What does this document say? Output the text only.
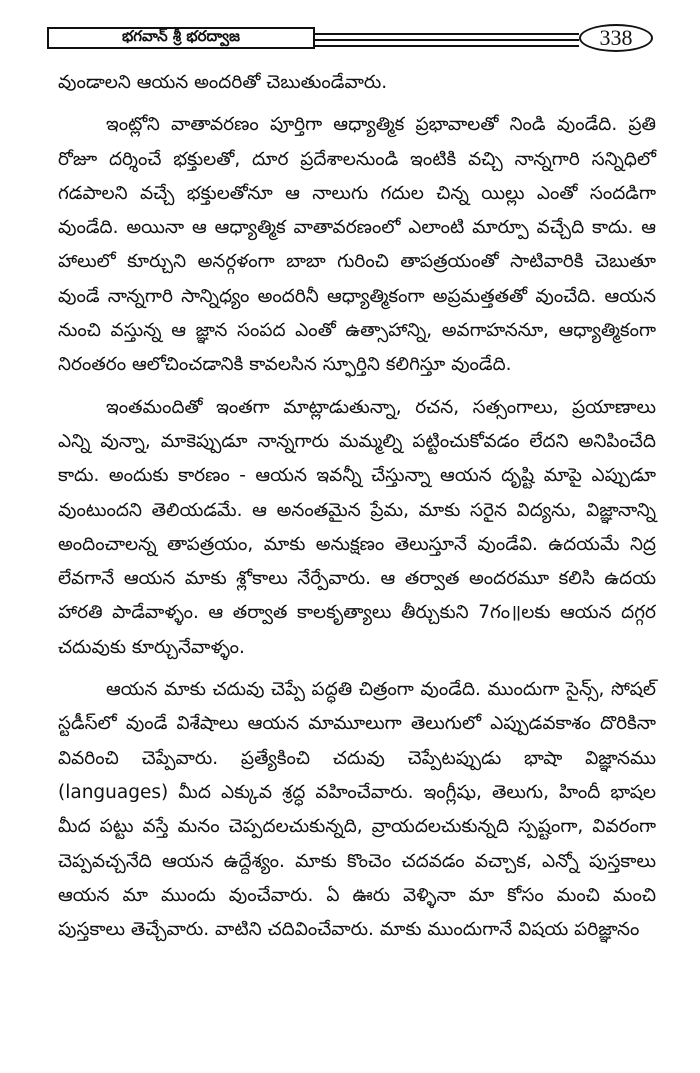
భగవాన్ శ్రీ భరద్వాజ	338

వుండాలని ఆయన అందరితో చెబుతుండేవారు.

ఇంట్లోని వాతావరణం పూర్తిగా ఆధ్యాత్మిక ప్రభావాలతో నిండి వుండేది. ప్రతి రోజూ దర్శించే భక్తులతో, దూర ప్రదేశాలనుండి ఇంటికి వచ్చి నాన్నగారి సన్నిధిలో గడపాలని వచ్చే భక్తులతోనూ ఆ నాలుగు గదుల చిన్న యిల్లు ఎంతో సందడిగా వుండేది. అయినా ఆ ఆధ్యాత్మిక వాతావరణంలో ఎలాంటి మార్పూ వచ్చేది కాదు. ఆ హాలులో కూర్చుని అనర్గళంగా బాబా గురించి తాపత్రయంతో సాటివారికి చెబుతూ వుండే నాన్నగారి సాన్నిధ్యం అందరినీ ఆధ్యాత్మికంగా అప్రమత్తతతో వుంచేది. ఆయన నుంచి వస్తున్న ఆ జ్ఞాన సంపద ఎంతో ఉత్సాహాన్ని, అవగాహననూ, ఆధ్యాత్మికంగా నిరంతరం ఆలోచించడానికి కావలసిన స్ఫూర్తిని కలిగిస్తూ వుండేది.

ఇంతమందితో ఇంతగా మాట్లాడుతున్నా, రచన, సత్సంగాలు, ప్రయాణాలు ఎన్ని వున్నా, మాకెప్పుడూ నాన్నగారు మమ్మల్ని పట్టించుకోవడం లేదని అనిపించేది కాదు. అందుకు కారణం - ఆయన ఇవన్నీ చేస్తున్నా ఆయన దృష్టి మాపై ఎప్పుడూ వుంటుందని తెలియడమే. ఆ అనంతమైన ప్రేమ, మాకు సరైన విద్యను, విజ్ఞానాన్ని అందించాలన్న తాపత్రయం, మాకు అనుక్షణం తెలుస్తూనే వుండేవి. ఉదయమే నిద్ర లేవగానే ఆయన మాకు శ్లోకాలు నేర్పేవారు. ఆ తర్వాత అందరమూ కలిసి ఉదయ హారతి పాడేవాళ్ళం. ఆ తర్వాత కాలకృత్యాలు తీర్చుకుని 7గం॥లకు ఆయన దగ్గర చదువుకు కూర్చునేవాళ్ళం.

ఆయన మాకు చదువు చెప్పే పద్ధతి చిత్రంగా వుండేది. ముందుగా సైన్స్, సోషల్ స్టడీస్‌లో వుండే విశేషాలు ఆయన మామూలుగా తెలుగులో ఎప్పుడవకాశం దొరికినా వివరించి చెప్పేవారు. ప్రత్యేకించి చదువు చెప్పేటప్పుడు భాషా విజ్ఞానము (languages) మీద ఎక్కువ శ్రద్ధ వహించేవారు. ఇంగ్లీషు, తెలుగు, హిందీ భాషల మీద పట్టు వస్తే మనం చెప్పదలచుకున్నది, వ్రాయదలచుకున్నది స్పష్టంగా, వివరంగా చెప్పవచ్చనేది ఆయన ఉద్దేశ్యం. మాకు కొంచెం చదవడం వచ్చాక, ఎన్నో పుస్తకాలు ఆయన మా ముందు వుంచేవారు. ఏ ఊరు వెళ్ళినా మా కోసం మంచి మంచి పుస్తకాలు తెచ్చేవారు. వాటిని చదివించేవారు. మాకు ముందుగానే విషయ పరిజ్ఞానం
